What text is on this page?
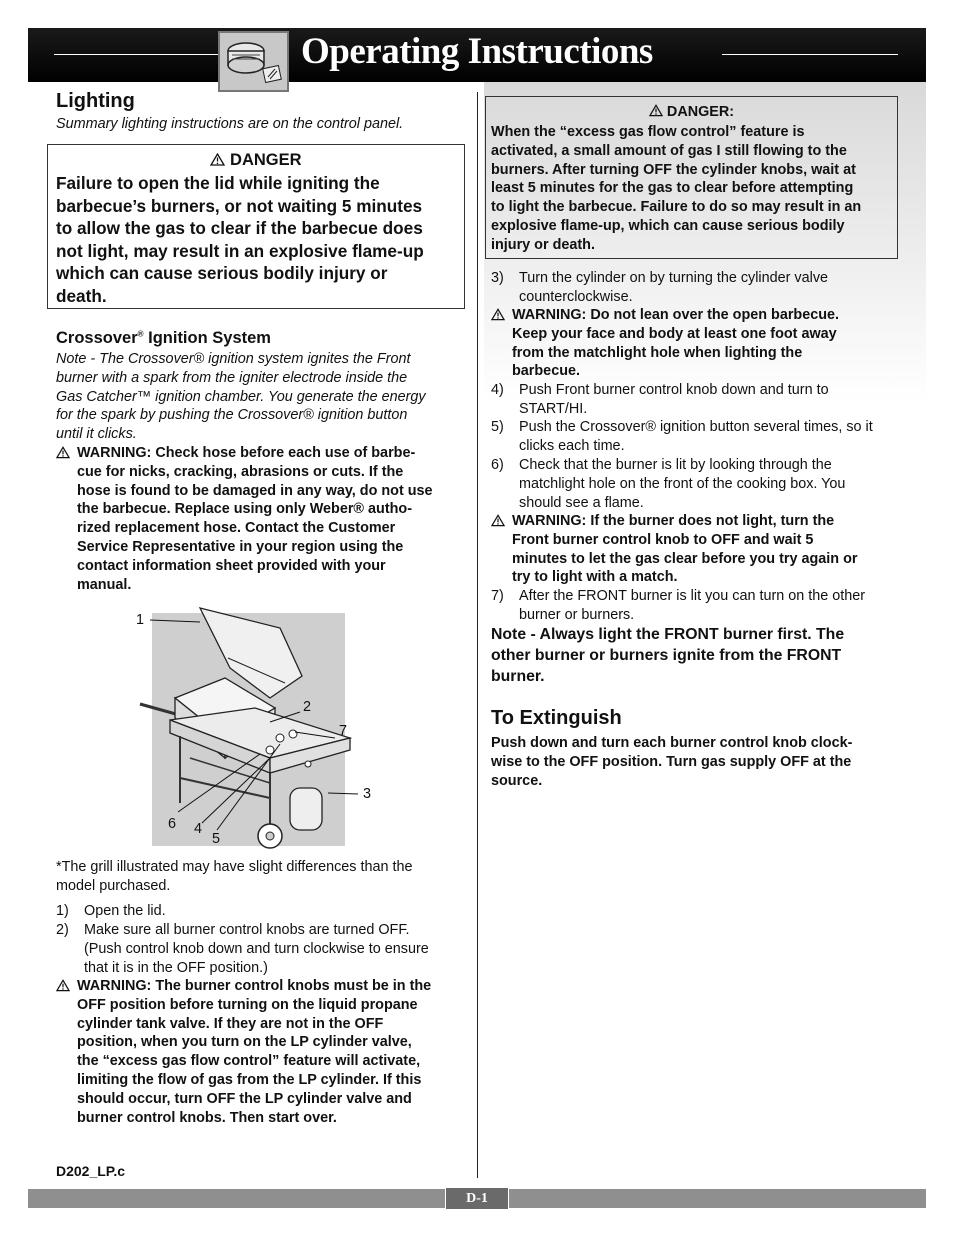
Operating Instructions
Lighting
Summary lighting instructions are on the control panel.
DANGER
Failure to open the lid while igniting the
barbecue’s burners, or not waiting 5 minutes
to allow the gas to clear if the barbecue does
not light, may result in an explosive flame-up
which can cause serious bodily injury or
death.
Crossover® Ignition System
Note - The Crossover® ignition system ignites the Front
burner with a spark from the igniter electrode inside the
Gas Catcher™ ignition chamber. You generate the energy
for the spark by pushing the Crossover® ignition button
until it clicks.
WARNING: Check hose before each use of barbe-
cue for nicks, cracking, abrasions or cuts. If the
hose is found to be damaged in any way, do not use
the barbecue. Replace using only Weber® autho-
rized replacement hose. Contact the Customer
Service Representative in your region using the
contact information sheet provided with your
manual.
1
2
7
3
6 4
5
*The grill illustrated may have slight differences than the
model purchased.
1) Open the lid.
2) Make sure all burner control knobs are turned OFF.
(Push control knob down and turn clockwise to ensure
that it is in the OFF position.)
WARNING: The burner control knobs must be in the
OFF position before turning on the liquid propane
cylinder tank valve. If they are not in the OFF
position, when you turn on the LP cylinder valve,
the “excess gas flow control” feature will activate,
limiting the flow of gas from the LP cylinder. If this
should occur, turn OFF the LP cylinder valve and
burner control knobs. Then start over.
D202_LP.c
DANGER:
When the “excess gas flow control” feature is
activated, a small amount of gas I still flowing to the
burners. After turning OFF the cylinder knobs, wait at
least 5 minutes for the gas to clear before attempting
to light the barbecue. Failure to do so may result in an
explosive flame-up, which can cause serious bodily
injury or death.
3) Turn the cylinder on by turning the cylinder valve
counterclockwise.
WARNING: Do not lean over the open barbecue.
Keep your face and body at least one foot away
from the matchlight hole when lighting the
barbecue.
4) Push Front burner control knob down and turn to
START/HI.
5) Push the Crossover® ignition button several times, so it
clicks each time.
6) Check that the burner is lit by looking through the
matchlight hole on the front of the cooking box. You
should see a flame.
WARNING: If the burner does not light, turn the
Front burner control knob to OFF and wait 5
minutes to let the gas clear before you try again or
try to light with a match.
7) After the FRONT burner is lit you can turn on the other
burner or burners.
Note - Always light the FRONT burner first. The
other burner or burners ignite from the FRONT
burner.
To Extinguish
Push down and turn each burner control knob clock-
wise to the OFF position. Turn gas supply OFF at the
source.
D-1
